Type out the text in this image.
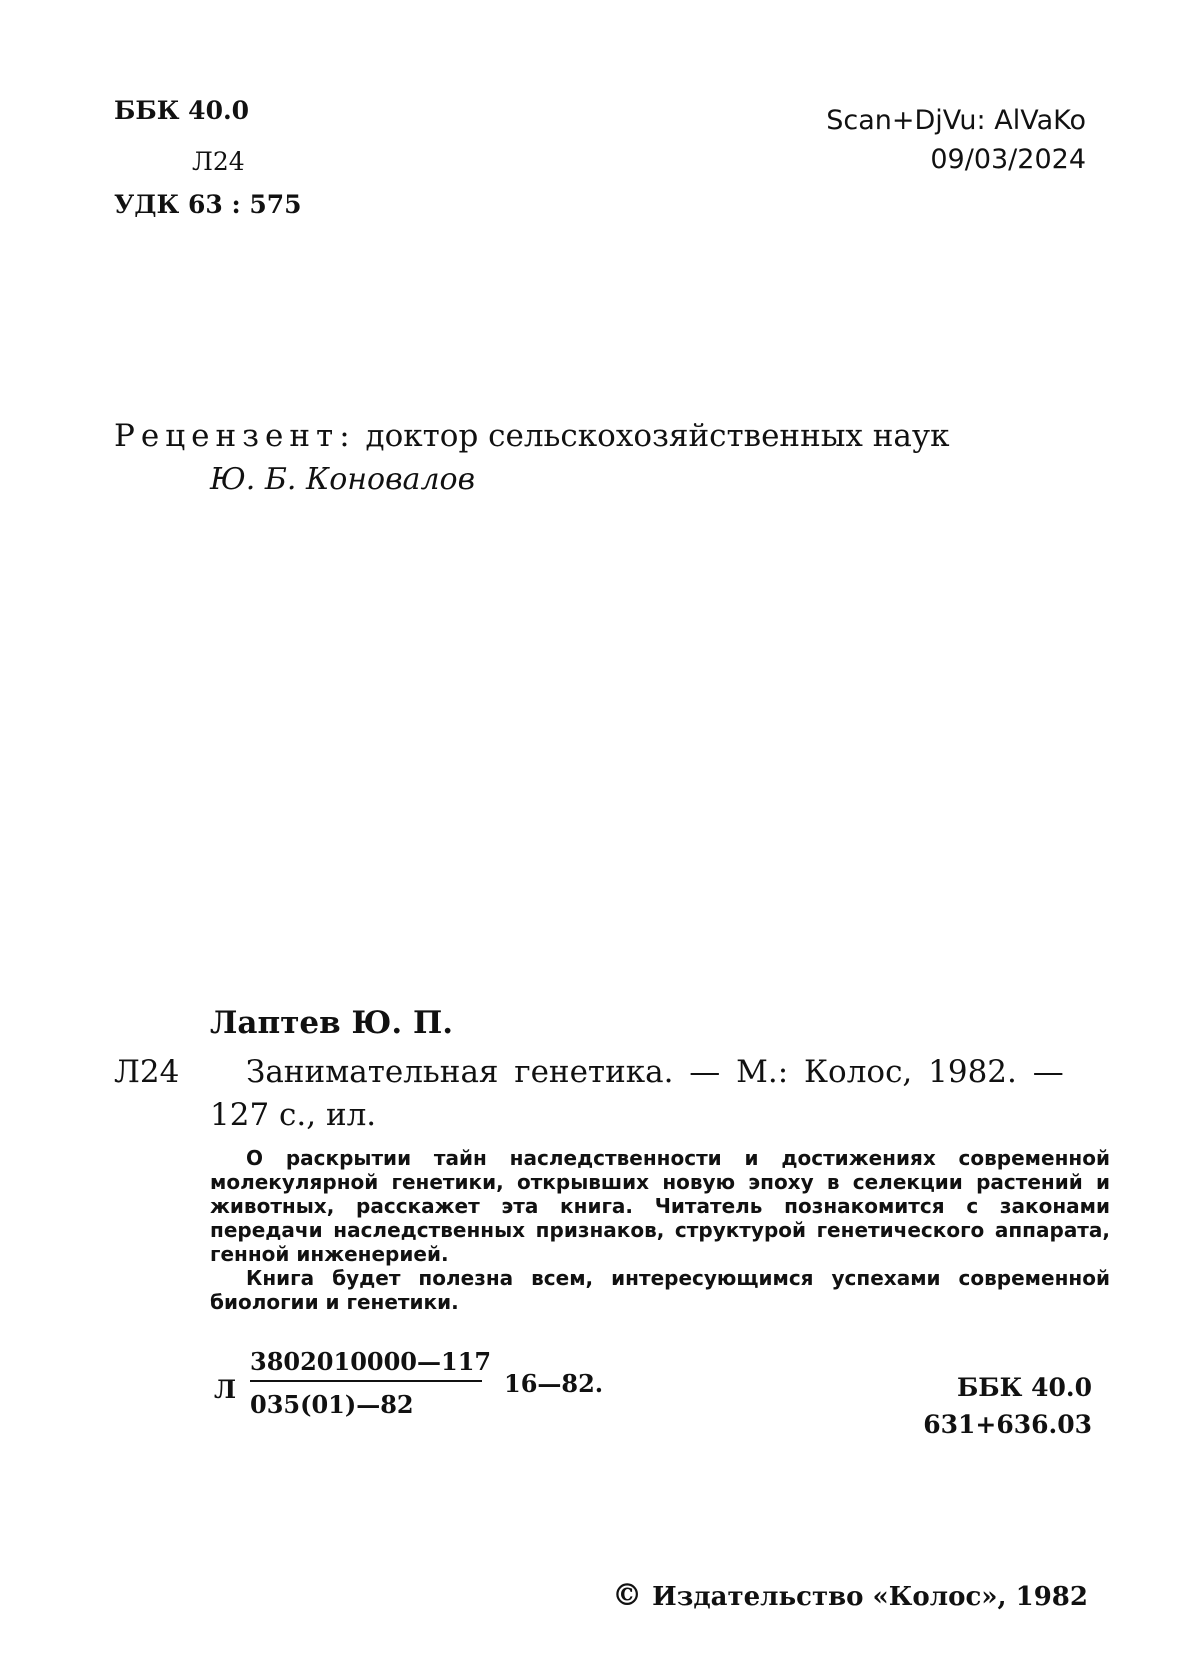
ББК 40.0
Л24
УДК 63 : 575
Scan+DjVu: AlVaKo
09/03/2024
Рецензент: доктор сельскохозяйственных наук
Ю. Б. Коновалов
Лаптев Ю. П.
Л24 Занимательная генетика. — М.: Колос, 1982. —
127 с., ил.

О раскрытии тайн наследственности и достижениях современной молекулярной генетики, открывших новую эпоху в селекции растений и животных, расскажет эта книга. Читатель познакомится с законами передачи наследственных признаков, структурой генетического аппарата, генной инженерией.

Книга будет полезна всем, интересующимся успехами современной биологии и генетики.

Л
3802010000—117
035(01)—82
16—82.	ББК 40.0
631+636.03
© Издательство «Колос», 1982
